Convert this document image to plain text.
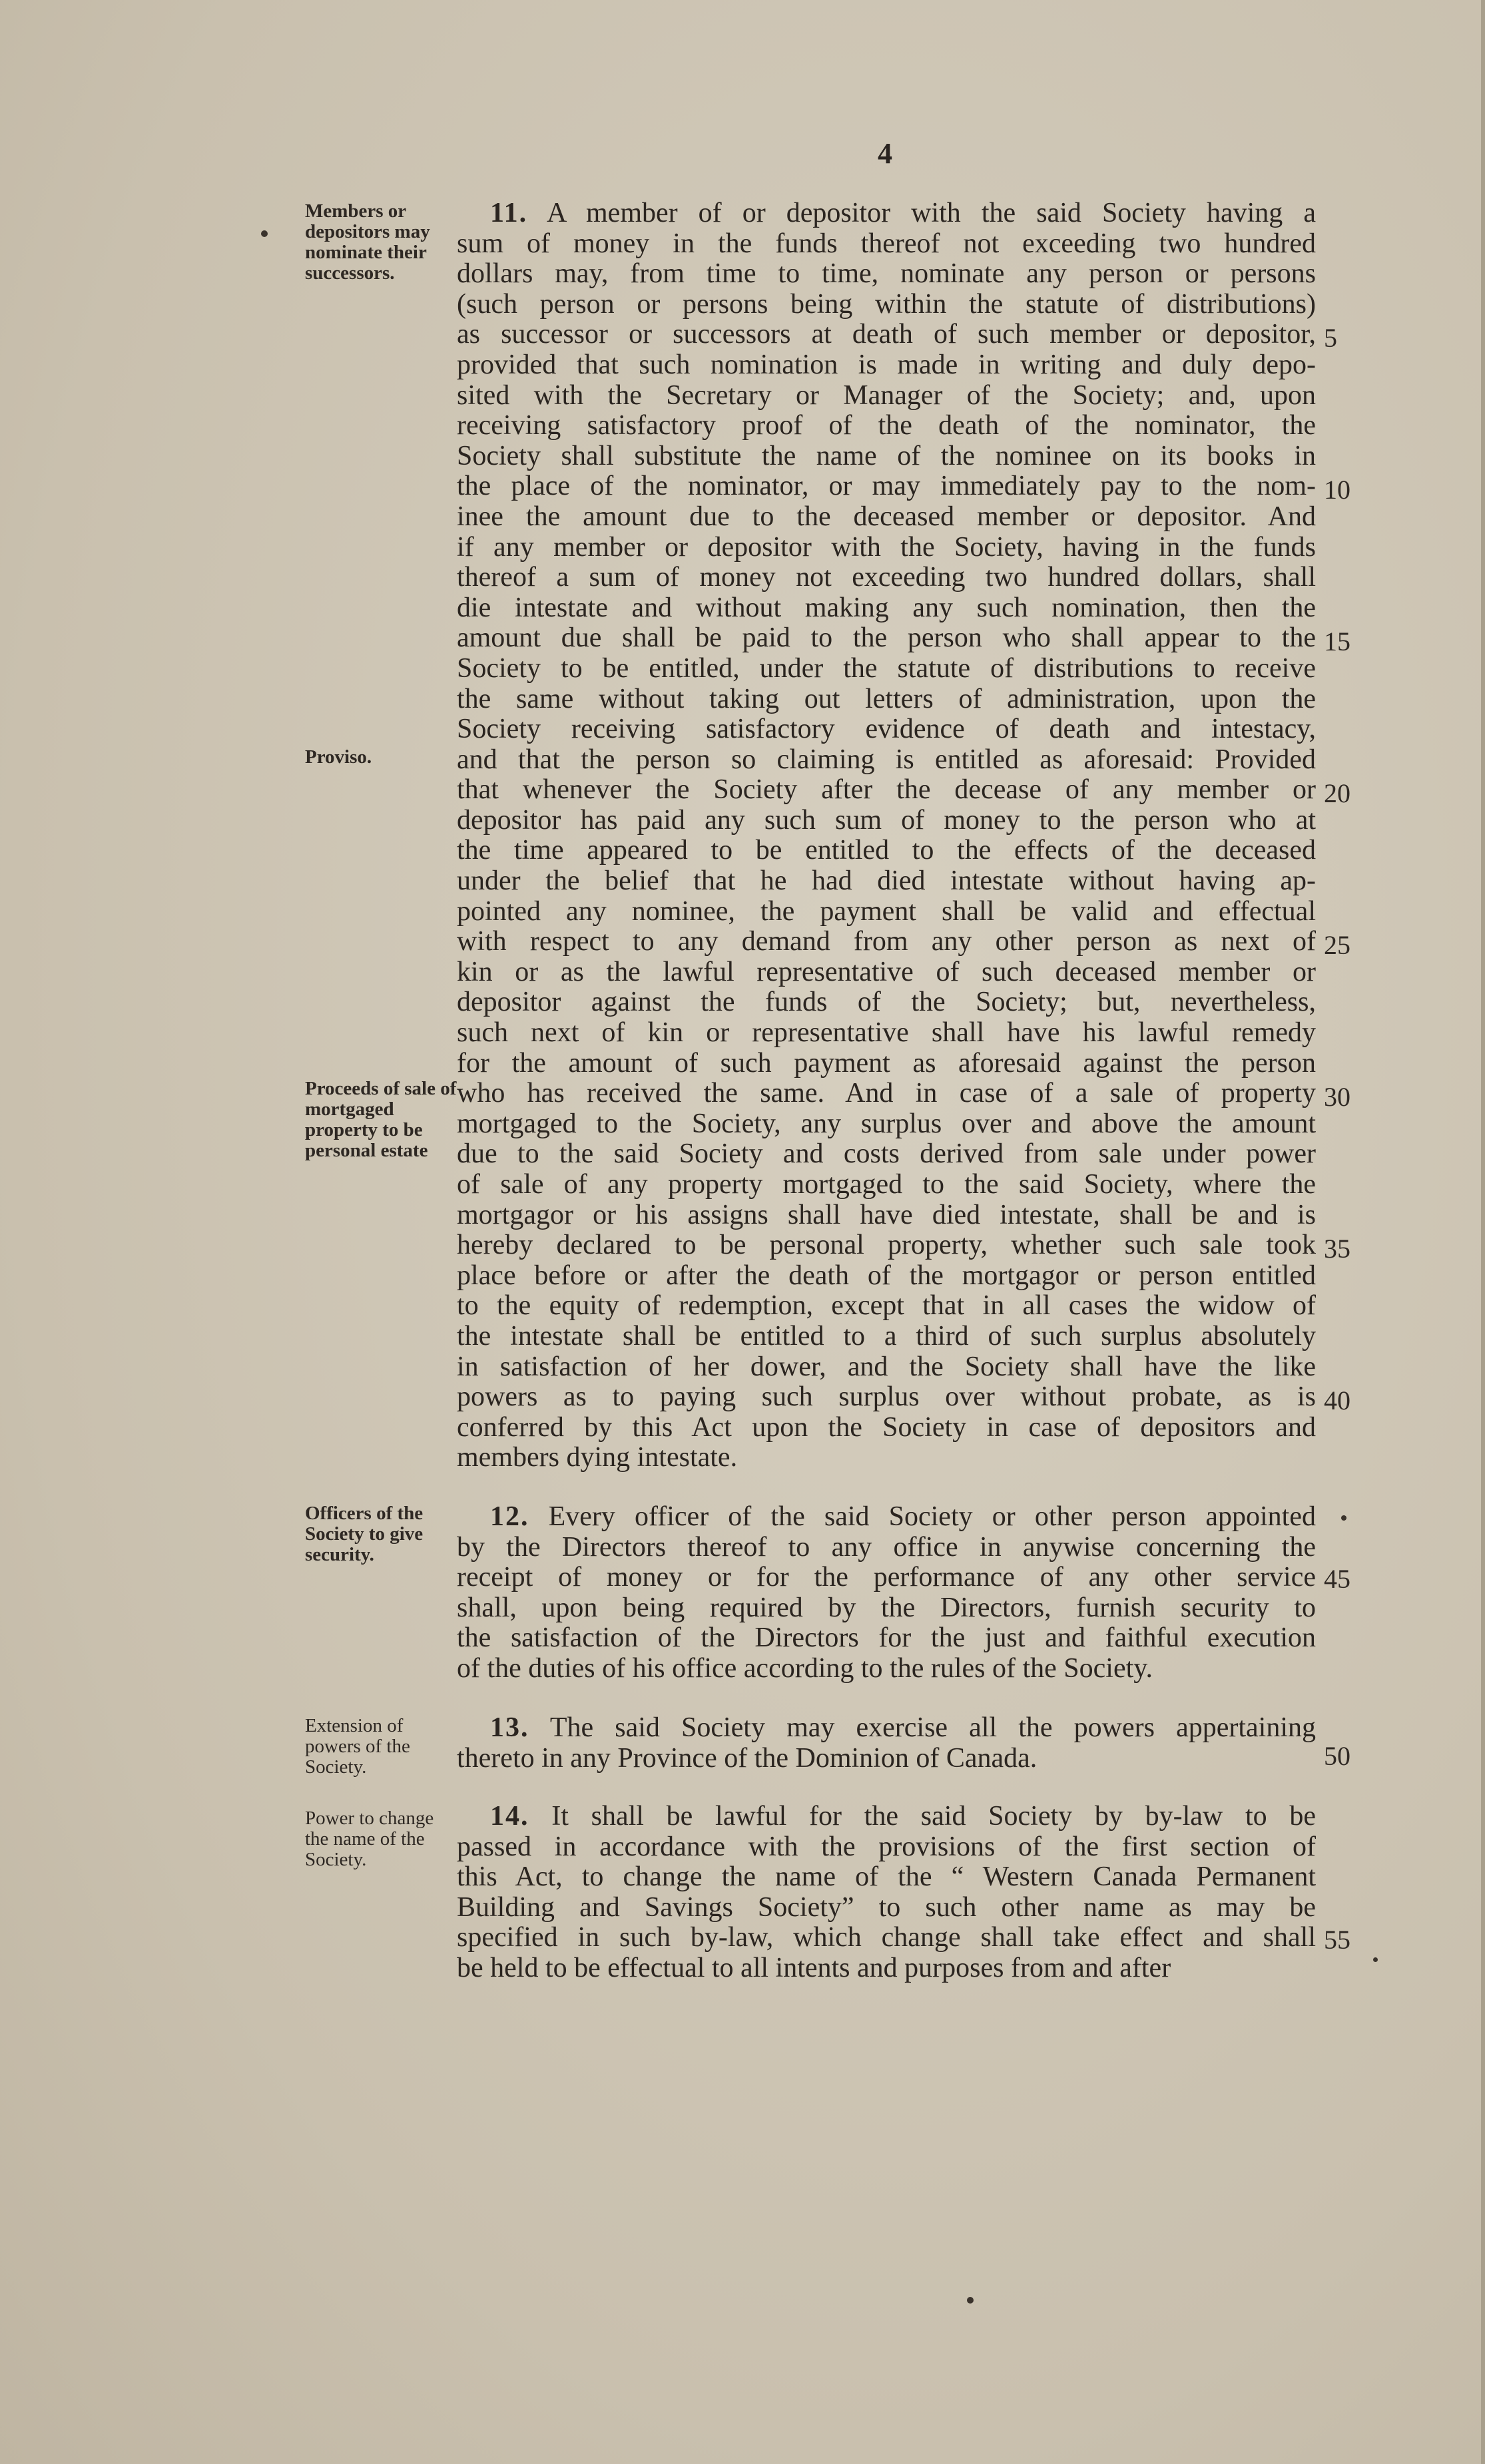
4
Members or depositors may nominate their successors.
Proviso.
Proceeds of sale of mortgaged property to be personal estate
Officers of the Society to give security.
Extension of powers of the Society.
Power to change the name of the Society.
11. A member of or depositor with the said Society having a
sum of money in the funds thereof not exceeding two hundred
dollars may, from time to time, nominate any person or persons
(such person or persons being within the statute of distributions)
as successor or successors at death of such member or depositor,
provided that such nomination is made in writing and duly depo-
sited with the Secretary or Manager of the Society; and, upon
receiving satisfactory proof of the death of the nominator, the
Society shall substitute the name of the nominee on its books in
the place of the nominator, or may immediately pay to the nom-
inee the amount due to the deceased member or depositor. And
if any member or depositor with the Society, having in the funds
thereof a sum of money not exceeding two hundred dollars, shall
die intestate and without making any such nomination, then the
amount due shall be paid to the person who shall appear to the
Society to be entitled, under the statute of distributions to receive
the same without taking out letters of administration, upon the
Society receiving satisfactory evidence of death and intestacy,
and that the person so claiming is entitled as aforesaid: Provided
that whenever the Society after the decease of any member or
depositor has paid any such sum of money to the person who at
the time appeared to be entitled to the effects of the deceased
under the belief that he had died intestate without having ap-
pointed any nominee, the payment shall be valid and effectual
with respect to any demand from any other person as next of
kin or as the lawful representative of such deceased member or
depositor against the funds of the Society; but, nevertheless,
such next of kin or representative shall have his lawful remedy
for the amount of such payment as aforesaid against the person
who has received the same. And in case of a sale of property
mortgaged to the Society, any surplus over and above the amount
due to the said Society and costs derived from sale under power
of sale of any property mortgaged to the said Society, where the
mortgagor or his assigns shall have died intestate, shall be and is
hereby declared to be personal property, whether such sale took
place before or after the death of the mortgagor or person entitled
to the equity of redemption, except that in all cases the widow of
the intestate shall be entitled to a third of such surplus absolutely
in satisfaction of her dower, and the Society shall have the like
powers as to paying such surplus over without probate, as is
conferred by this Act upon the Society in case of depositors and
members dying intestate.
12. Every officer of the said Society or other person appointed
by the Directors thereof to any office in anywise concerning the
receipt of money or for the performance of any other service
shall, upon being required by the Directors, furnish security to
the satisfaction of the Directors for the just and faithful execution
of the duties of his office according to the rules of the Society.
13. The said Society may exercise all the powers appertaining
thereto in any Province of the Dominion of Canada.
14. It shall be lawful for the said Society by by-law to be
passed in accordance with the provisions of the first section of
this Act, to change the name of the “ Western Canada Permanent
Building and Savings Society” to such other name as may be
specified in such by-law, which change shall take effect and shall
be held to be effectual to all intents and purposes from and after
5
10
15
20
25
30
35
40
45
50
55
